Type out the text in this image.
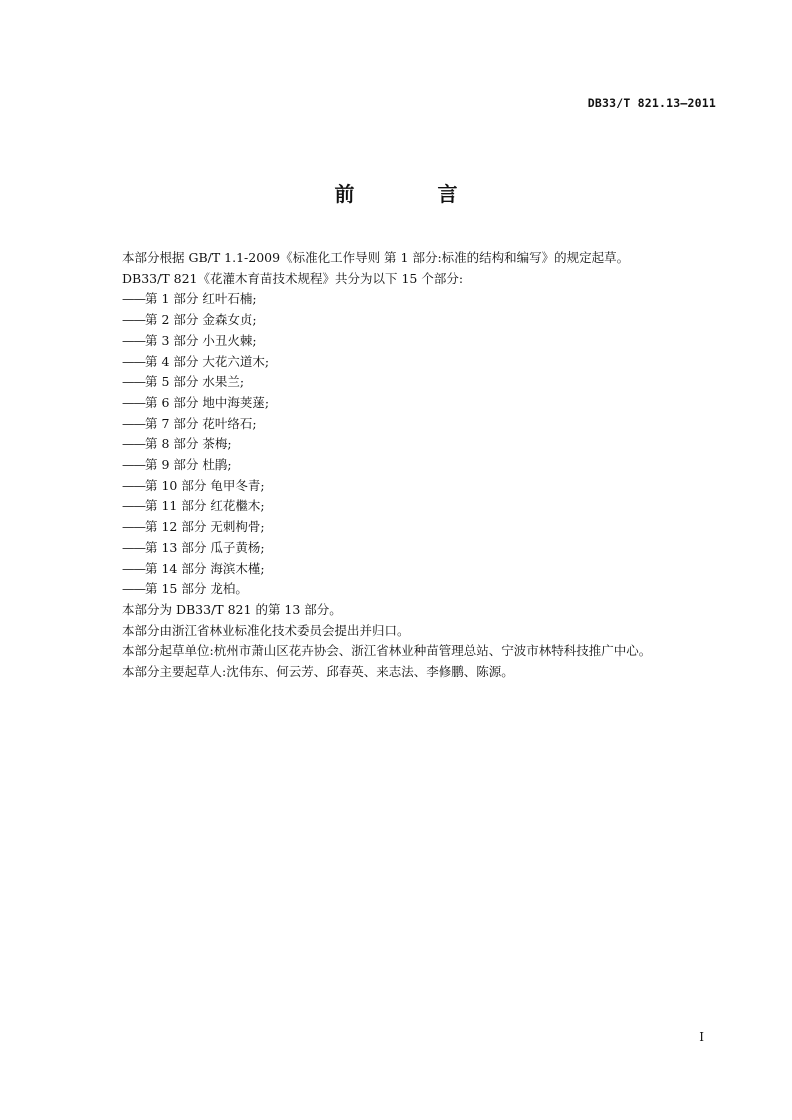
DB33/T 821.13—2011
前 言
本部分根据 GB/T 1.1-2009《标准化工作导则 第 1 部分:标准的结构和编写》的规定起草。
DB33/T 821《花灌木育苗技术规程》共分为以下 15 个部分:
——第 1 部分 红叶石楠;
——第 2 部分 金森女贞;
——第 3 部分 小丑火棘;
——第 4 部分 大花六道木;
——第 5 部分 水果兰;
——第 6 部分 地中海荚蒾;
——第 7 部分 花叶络石;
——第 8 部分 茶梅;
——第 9 部分 杜鹃;
——第 10 部分 龟甲冬青;
——第 11 部分 红花檵木;
——第 12 部分 无刺枸骨;
——第 13 部分 瓜子黄杨;
——第 14 部分 海滨木槿;
——第 15 部分 龙柏。
本部分为 DB33/T 821 的第 13 部分。
本部分由浙江省林业标准化技术委员会提出并归口。
本部分起草单位:杭州市萧山区花卉协会、浙江省林业种苗管理总站、宁波市林特科技推广中心。
本部分主要起草人:沈伟东、何云芳、邱春英、来志法、李修鹏、陈源。
I
